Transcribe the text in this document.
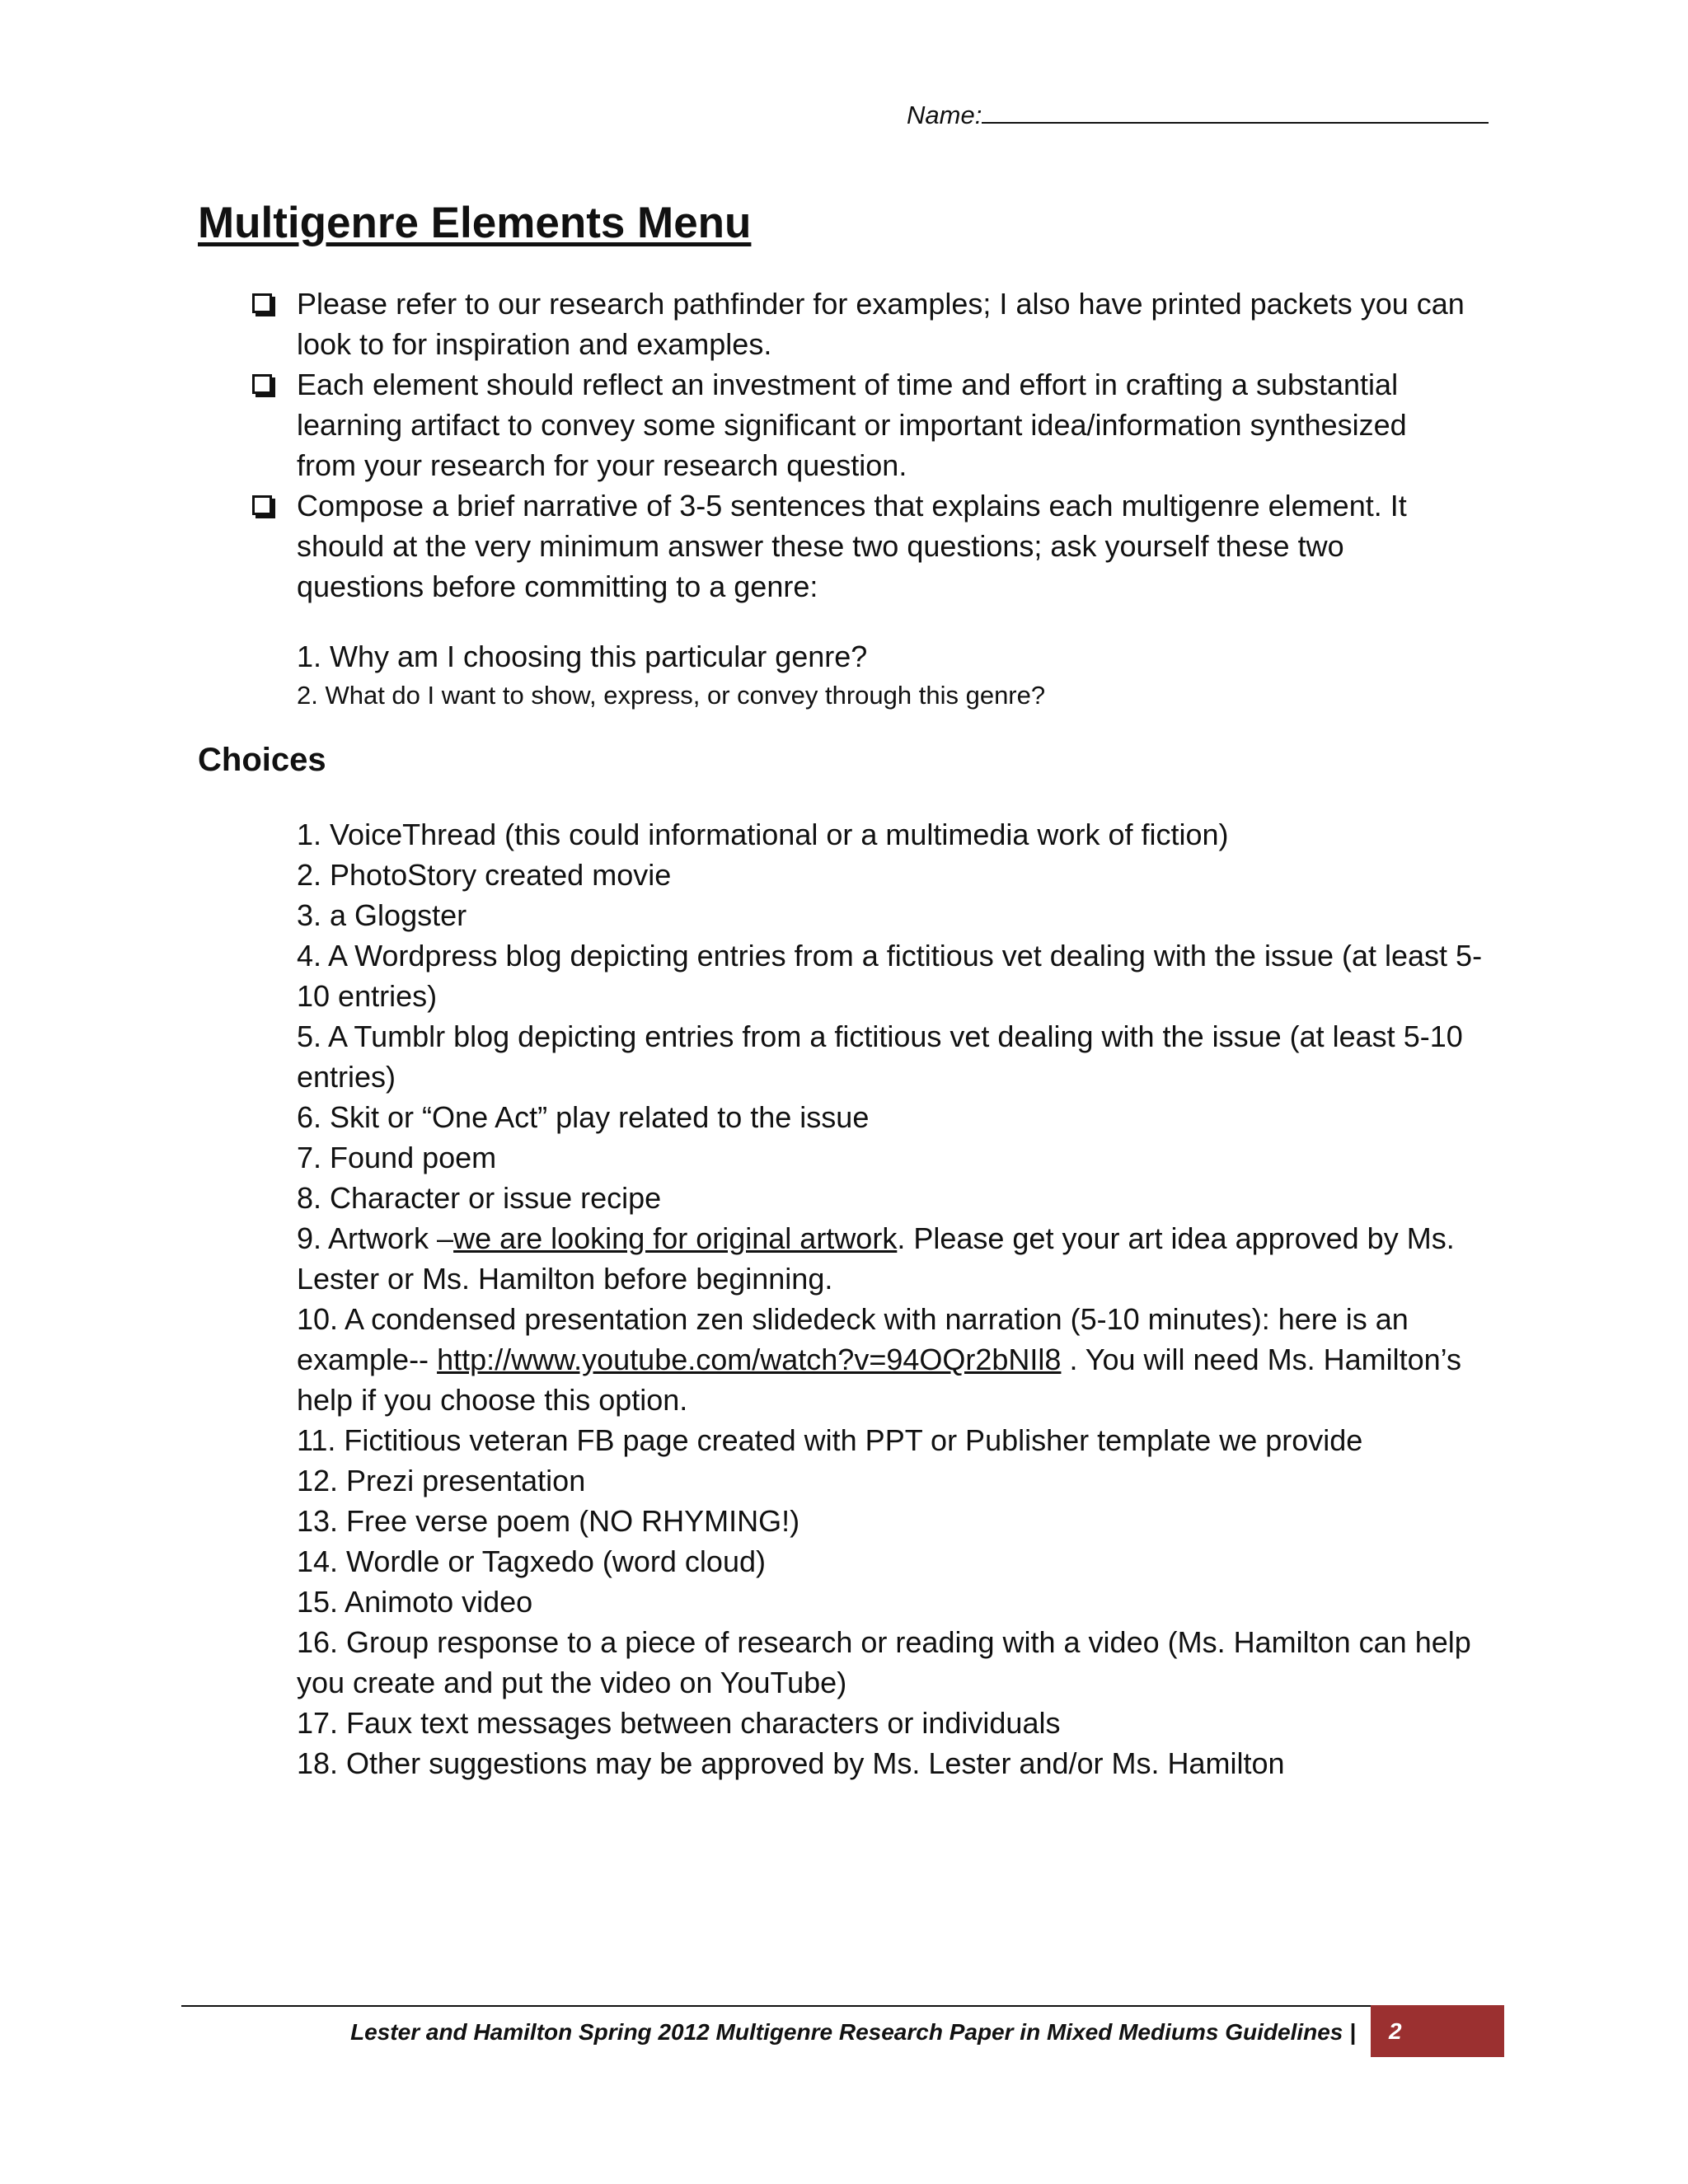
Name:
Multigenre Elements Menu
Please refer to our research pathfinder for examples; I also have printed packets you can look to for inspiration and examples.
Each element should reflect an investment of time and effort in crafting a substantial learning artifact to convey some significant or important idea/information synthesized from your research for your research question.
Compose a brief narrative of 3-5 sentences that explains each multigenre element. It should at the very minimum answer these two questions; ask yourself these two questions before committing to a genre:
1. Why am I choosing this particular genre?
2. What do I want to show, express, or convey through this genre?
Choices
1. VoiceThread (this could informational or a multimedia work of fiction)
2. PhotoStory created movie
3. a Glogster
4. A Wordpress blog depicting entries from a fictitious vet dealing with the issue (at least 5-10 entries)
5. A Tumblr blog depicting entries from a fictitious vet dealing with the issue (at least 5-10 entries)
6. Skit or “One Act” play related to the issue
7. Found poem
8. Character or issue recipe
9. Artwork –we are looking for original artwork. Please get your art idea approved by Ms. Lester or Ms. Hamilton before beginning.
10. A condensed presentation zen slidedeck with narration (5-10 minutes): here is an example-- http://www.youtube.com/watch?v=94OQr2bNIl8 . You will need Ms. Hamilton’s help if you choose this option.
11. Fictitious veteran FB page created with PPT or Publisher template we provide
12. Prezi presentation
13. Free verse poem (NO RHYMING!)
14. Wordle or Tagxedo (word cloud)
15. Animoto video
16. Group response to a piece of research or reading with a video (Ms. Hamilton can help you create and put the video on YouTube)
17. Faux text messages between characters or individuals
18. Other suggestions may be approved by Ms. Lester and/or Ms. Hamilton
Lester and Hamilton Spring 2012 Multigenre Research Paper in Mixed Mediums Guidelines |	2
